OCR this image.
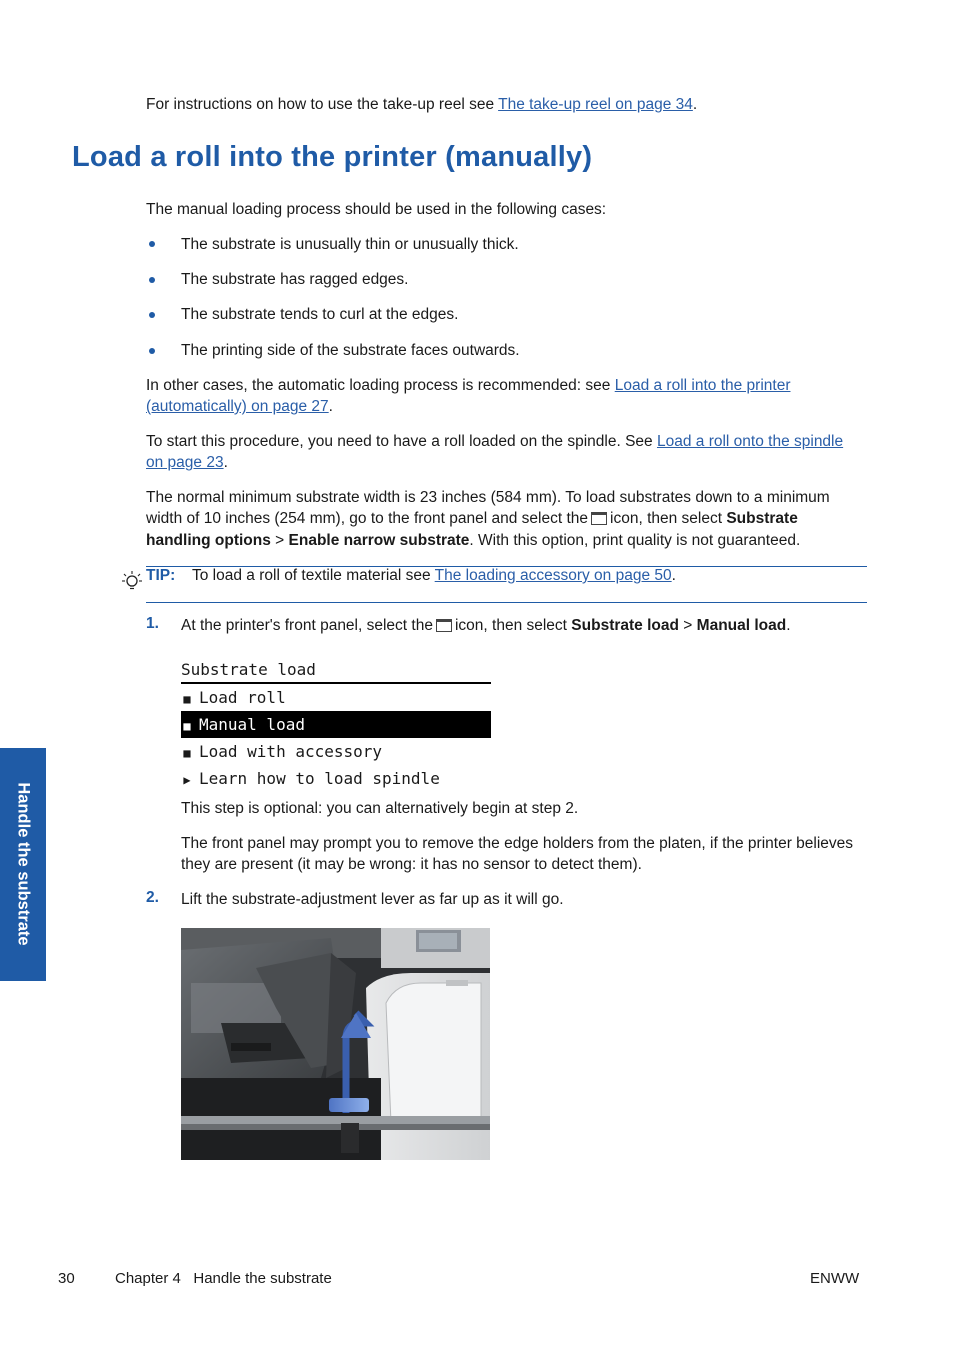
For instructions on how to use the take-up reel see The take-up reel on page 34.
Load a roll into the printer (manually)
The manual loading process should be used in the following cases:
The substrate is unusually thin or unusually thick.
The substrate has ragged edges.
The substrate tends to curl at the edges.
The printing side of the substrate faces outwards.
In other cases, the automatic loading process is recommended: see Load a roll into the printer
(automatically) on page 27.
To start this procedure, you need to have a roll loaded on the spindle. See Load a roll onto the spindle
on page 23.
The normal minimum substrate width is 23 inches (584 mm). To load substrates down to a minimum
width of 10 inches (254 mm), go to the front panel and select the icon, then select Substrate
handling options > Enable narrow substrate. With this option, print quality is not guaranteed.
TIP: To load a roll of textile material see The loading accessory on page 50.
1. At the printer's front panel, select the icon, then select Substrate load > Manual load.
Substrate load
■ Load roll
■ Manual load
■ Load with accessory
▶ Learn how to load spindle
This step is optional: you can alternatively begin at step 2.
The front panel may prompt you to remove the edge holders from the platen, if the printer believes
they are present (it may be wrong: it has no sensor to detect them).
2. Lift the substrate-adjustment lever as far up as it will go.
Handle the substrate
30	Chapter 4   Handle the substrate	ENWW
